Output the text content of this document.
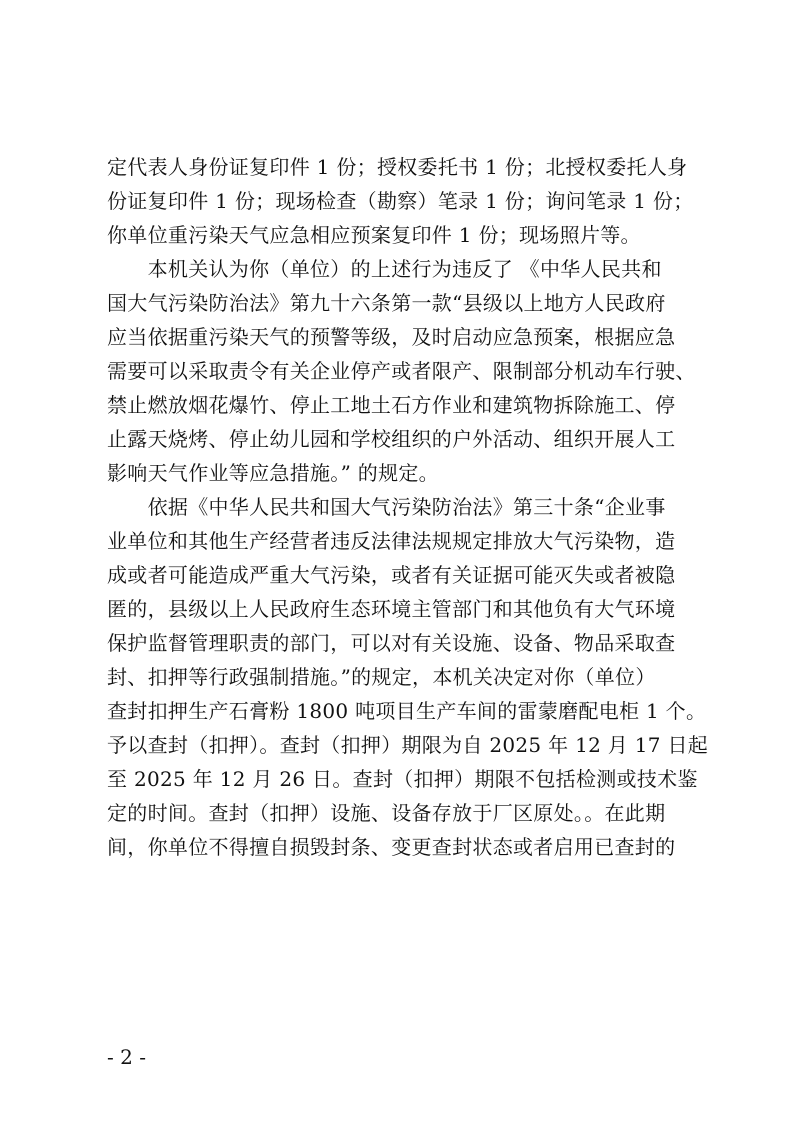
定代表人身份证复印件 1 份；授权委托书 1 份；北授权委托人身
份证复印件 1 份；现场检查（勘察）笔录 1 份；询问笔录 1 份；
你单位重污染天气应急相应预案复印件 1 份；现场照片等。
　　本机关认为你（单位）的上述行为违反了 《中华人民共和
国大气污染防治法》第九十六条第一款“县级以上地方人民政府
应当依据重污染天气的预警等级，及时启动应急预案，根据应急
需要可以采取责令有关企业停产或者限产、限制部分机动车行驶、
禁止燃放烟花爆竹、停止工地土石方作业和建筑物拆除施工、停
止露天烧烤、停止幼儿园和学校组织的户外活动、组织开展人工
影响天气作业等应急措施。” 的规定。
　　依据《中华人民共和国大气污染防治法》第三十条“企业事
业单位和其他生产经营者违反法律法规规定排放大气污染物，造
成或者可能造成严重大气污染，或者有关证据可能灭失或者被隐
匿的，县级以上人民政府生态环境主管部门和其他负有大气环境
保护监督管理职责的部门，可以对有关设施、设备、物品采取查
封、扣押等行政强制措施。”的规定，本机关决定对你（单位）
查封扣押生产石膏粉 1800 吨项目生产车间的雷蒙磨配电柜 1 个。
予以查封（扣押）。查封（扣押）期限为自 2025 年 12 月 17 日起
至 2025 年 12 月 26 日。查封（扣押）期限不包括检测或技术鉴
定的时间。查封（扣押）设施、设备存放于厂区原处。。在此期
间，你单位不得擅自损毁封条、变更查封状态或者启用已查封的
- 2 -
